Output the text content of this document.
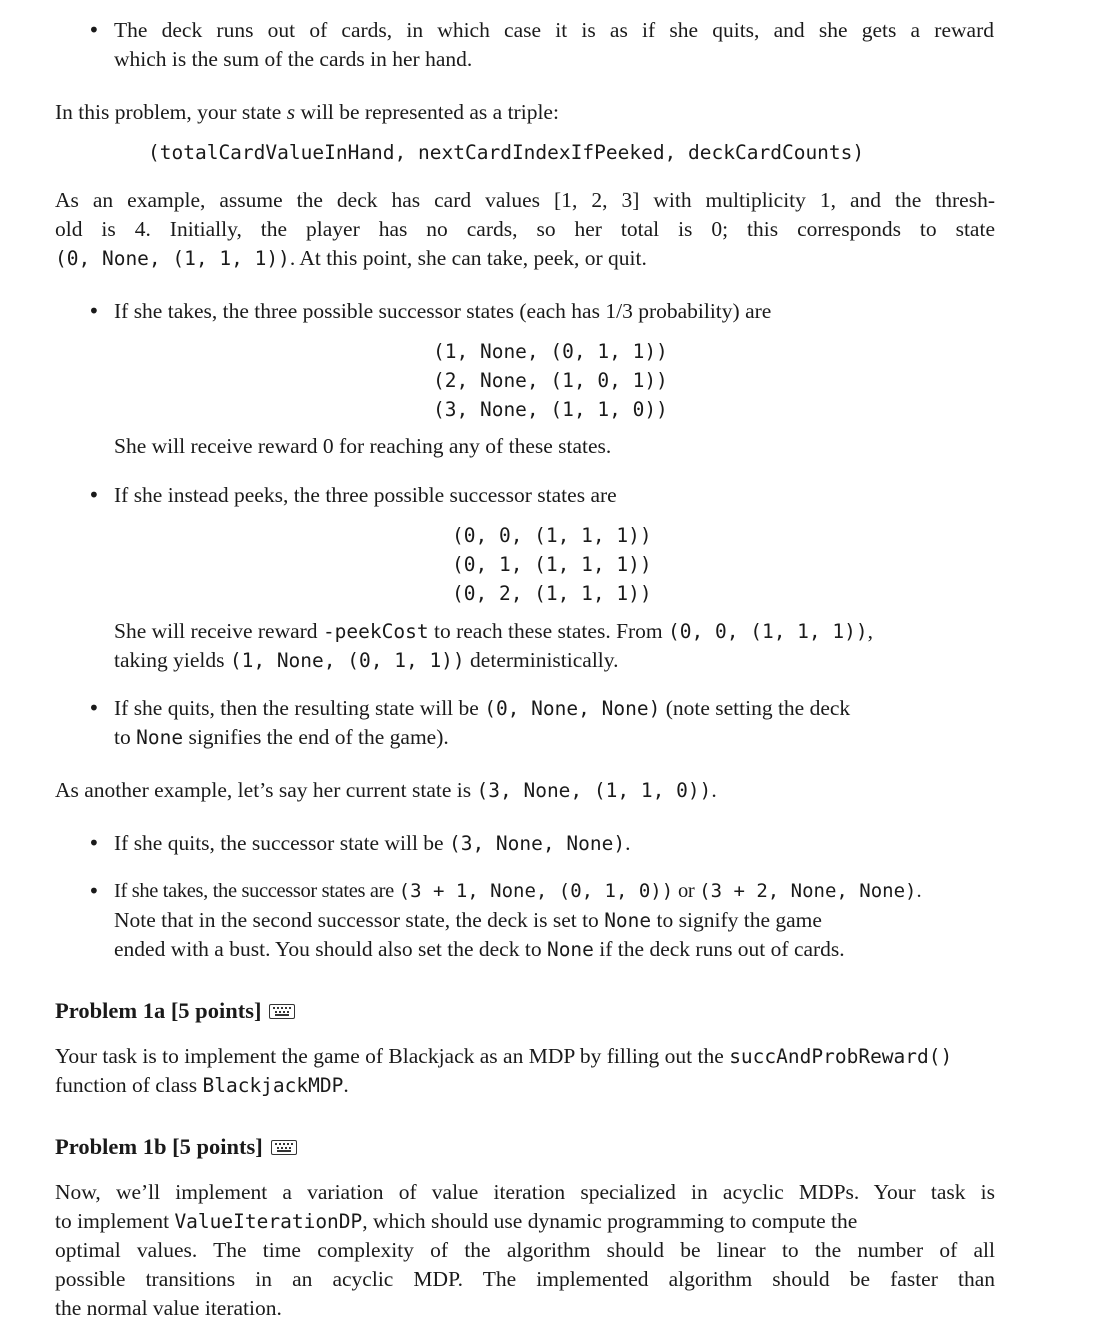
• The deck runs out of cards, in which case it is as if she quits, and she gets a reward
which is the sum of the cards in her hand.
In this problem, your state s will be represented as a triple:
(totalCardValueInHand, nextCardIndexIfPeeked, deckCardCounts)
As an example, assume the deck has card values [1, 2, 3] with multiplicity 1, and the thresh-
old is 4. Initially, the player has no cards, so her total is 0; this corresponds to state
(0, None, (1, 1, 1)). At this point, she can take, peek, or quit.
• If she takes, the three possible successor states (each has 1/3 probability) are
(1, None, (0, 1, 1))
(2, None, (1, 0, 1))
(3, None, (1, 1, 0))
She will receive reward 0 for reaching any of these states.
• If she instead peeks, the three possible successor states are
(0, 0, (1, 1, 1))
(0, 1, (1, 1, 1))
(0, 2, (1, 1, 1))
She will receive reward -peekCost to reach these states. From (0, 0, (1, 1, 1)),
taking yields (1, None, (0, 1, 1)) deterministically.
• If she quits, then the resulting state will be (0, None, None) (note setting the deck
to None signifies the end of the game).
As another example, let’s say her current state is (3, None, (1, 1, 0)).
• If she quits, the successor state will be (3, None, None).
• If she takes, the successor states are (3 + 1, None, (0, 1, 0)) or (3 + 2, None, None).
Note that in the second successor state, the deck is set to None to signify the game
ended with a bust. You should also set the deck to None if the deck runs out of cards.
Problem 1a [5 points]
Your task is to implement the game of Blackjack as an MDP by filling out the succAndProbReward()
function of class BlackjackMDP.
Problem 1b [5 points]
Now, we’ll implement a variation of value iteration specialized in acyclic MDPs. Your task is
to implement ValueIterationDP, which should use dynamic programming to compute the
optimal values. The time complexity of the algorithm should be linear to the number of all
possible transitions in an acyclic MDP. The implemented algorithm should be faster than
the normal value iteration.
